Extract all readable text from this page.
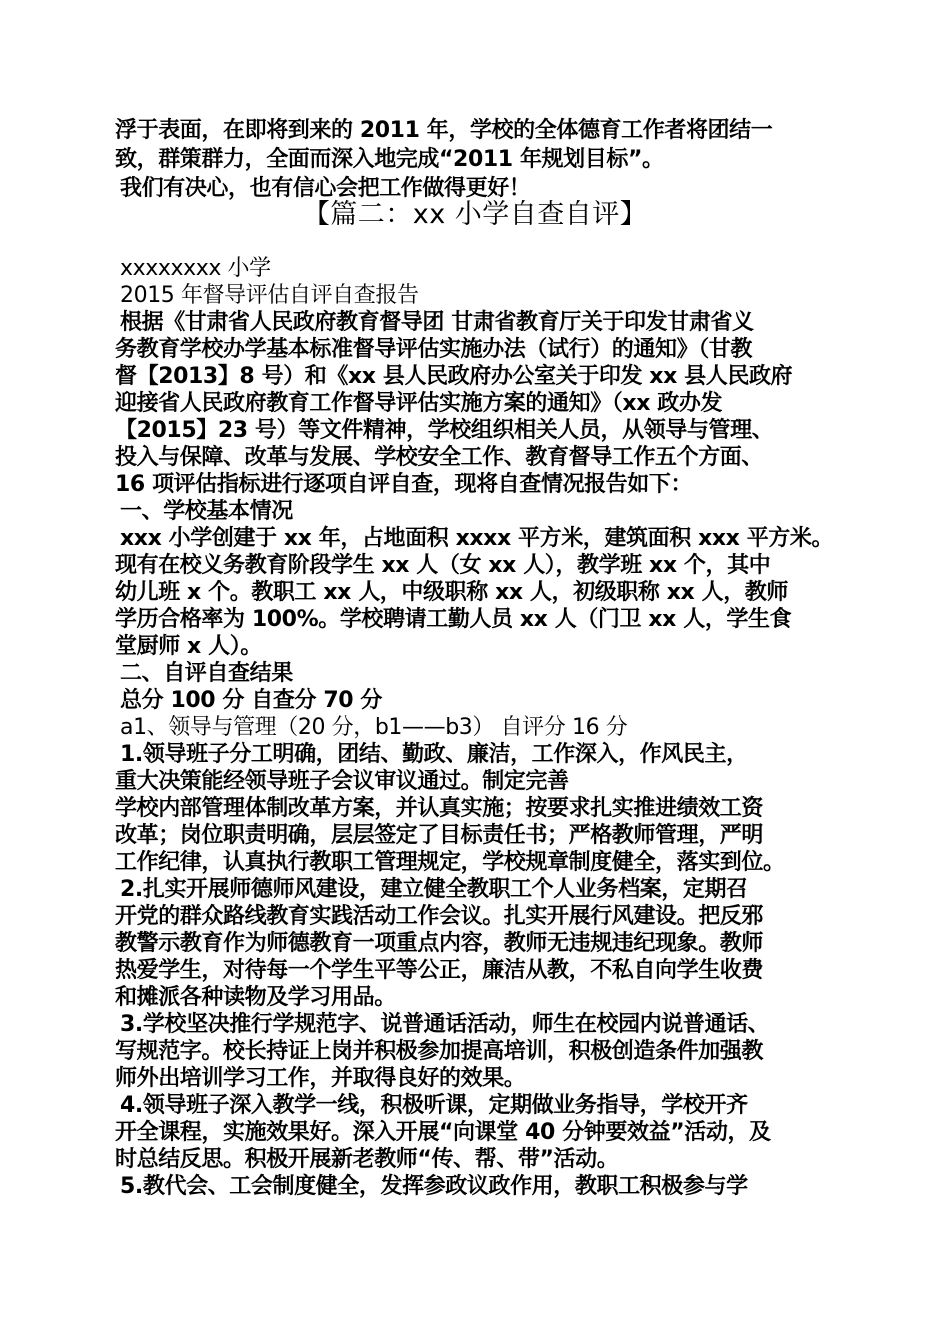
浮于表面，在即将到来的 2011 年，学校的全体德育工作者将团结一
致，群策群力，全面而深入地完成“2011 年规划目标”。
我们有决心，也有信心会把工作做得更好！
【篇二：xx 小学自查自评】
xxxxxxxx 小学
2015 年督导评估自评自查报告
根据《甘肃省人民政府教育督导团 甘肃省教育厅关于印发甘肃省义
务教育学校办学基本标准督导评估实施办法（试行）的通知》（甘教
督【2013】8 号）和《xx 县人民政府办公室关于印发 xx 县人民政府
迎接省人民政府教育工作督导评估实施方案的通知》（xx 政办发
【2015】23 号）等文件精神，学校组织相关人员，从领导与管理、
投入与保障、改革与发展、学校安全工作、教育督导工作五个方面、
16 项评估指标进行逐项自评自查，现将自查情况报告如下：
一、学校基本情况
xxx 小学创建于 xx 年，占地面积 xxxx 平方米，建筑面积 xxx 平方米。
现有在校义务教育阶段学生 xx 人（女 xx 人），教学班 xx 个，其中
幼儿班 x 个。教职工 xx 人，中级职称 xx 人，初级职称 xx 人，教师
学历合格率为 100%。学校聘请工勤人员 xx 人（门卫 xx 人，学生食
堂厨师 x 人）。
二、自评自查结果
总分 100 分 自查分 70 分
a1、领导与管理（20 分，b1——b3） 自评分 16 分
1.领导班子分工明确，团结、勤政、廉洁，工作深入，作风民主，
重大决策能经领导班子会议审议通过。制定完善
学校内部管理体制改革方案，并认真实施；按要求扎实推进绩效工资
改革；岗位职责明确，层层签定了目标责任书；严格教师管理，严明
工作纪律，认真执行教职工管理规定，学校规章制度健全，落实到位。
2.扎实开展师德师风建设，建立健全教职工个人业务档案，定期召
开党的群众路线教育实践活动工作会议。扎实开展行风建设。把反邪
教警示教育作为师德教育一项重点内容，教师无违规违纪现象。教师
热爱学生，对待每一个学生平等公正，廉洁从教，不私自向学生收费
和摊派各种读物及学习用品。
3.学校坚决推行学规范字、说普通话活动，师生在校园内说普通话、
写规范字。校长持证上岗并积极参加提高培训，积极创造条件加强教
师外出培训学习工作，并取得良好的效果。
4.领导班子深入教学一线，积极听课，定期做业务指导，学校开齐
开全课程，实施效果好。深入开展“向课堂 40 分钟要效益”活动，及
时总结反思。积极开展新老教师“传、帮、带”活动。
5.教代会、工会制度健全，发挥参政议政作用，教职工积极参与学
